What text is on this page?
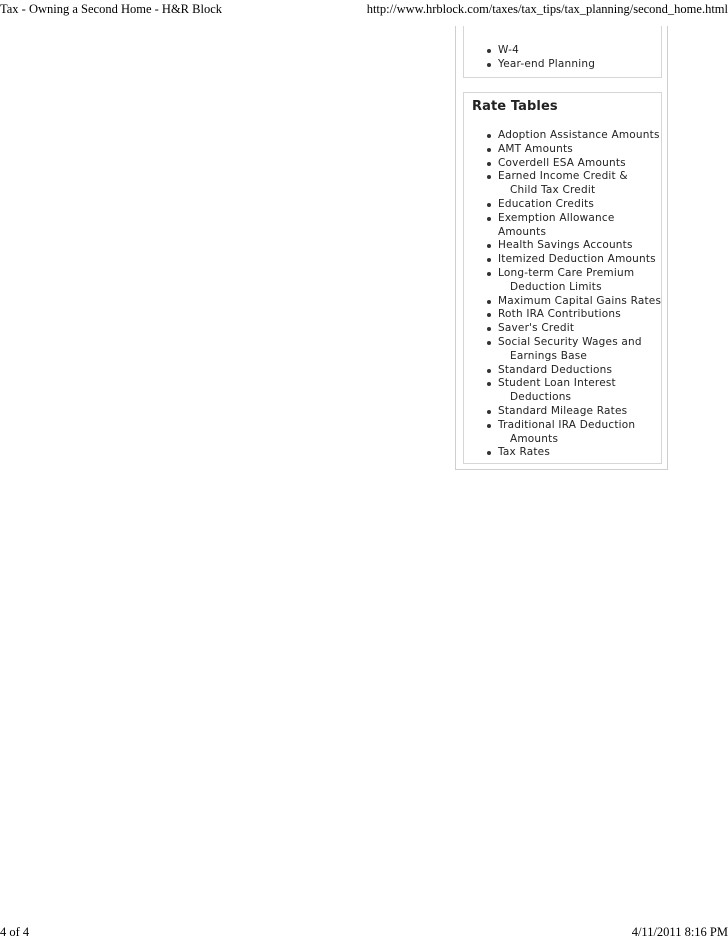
Tax - Owning a Second Home - H&R Block	http://www.hrblock.com/taxes/tax_tips/tax_planning/second_home.html
W-4
Year-end Planning
Rate Tables
Adoption Assistance Amounts
AMT Amounts
Coverdell ESA Amounts
Earned Income Credit &
Child Tax Credit
Education Credits
Exemption Allowance Amounts
Health Savings Accounts
Itemized Deduction Amounts
Long-term Care Premium
Deduction Limits
Maximum Capital Gains Rates
Roth IRA Contributions
Saver's Credit
Social Security Wages and
Earnings Base
Standard Deductions
Student Loan Interest
Deductions
Standard Mileage Rates
Traditional IRA Deduction
Amounts
Tax Rates
4 of 4	4/11/2011 8:16 PM
